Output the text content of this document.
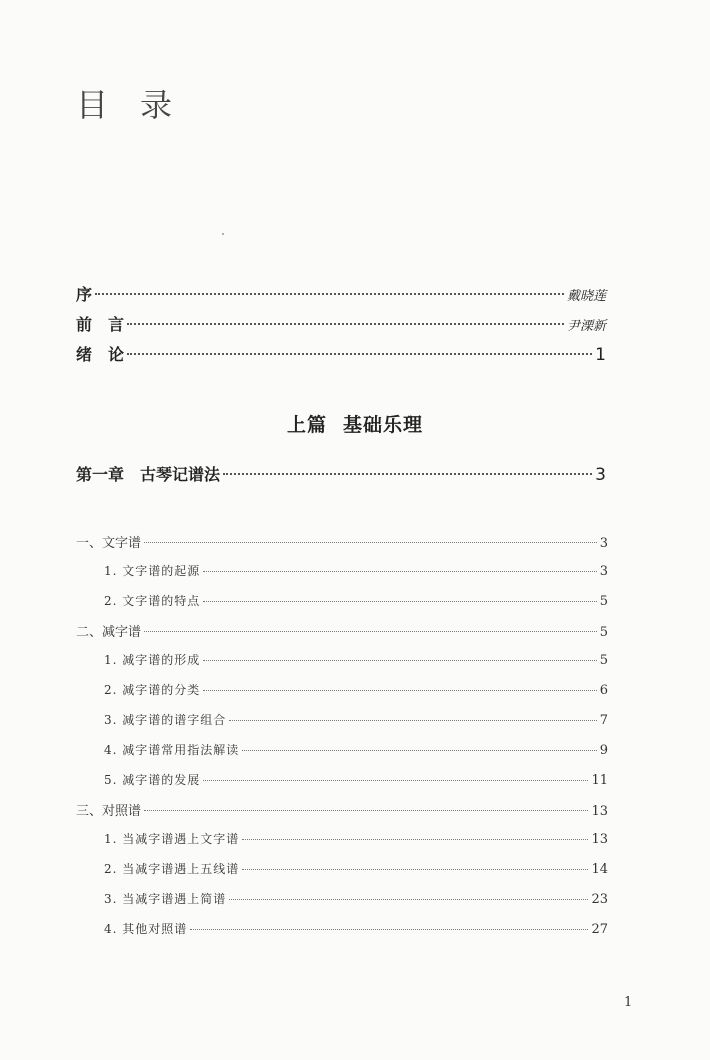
目　录
序	戴晓莲
前　言	尹溧新
绪　论	1
上篇 基础乐理
第一章　古琴记谱法	3
一、文字谱	3
1. 文字谱的起源	3
2. 文字谱的特点	5
二、减字谱	5
1. 减字谱的形成	5
2. 减字谱的分类	6
3. 减字谱的谱字组合	7
4. 减字谱常用指法解读	9
5. 减字谱的发展	11
三、对照谱	13
1. 当减字谱遇上文字谱	13
2. 当减字谱遇上五线谱	14
3. 当减字谱遇上简谱	23
4. 其他对照谱	27
1
